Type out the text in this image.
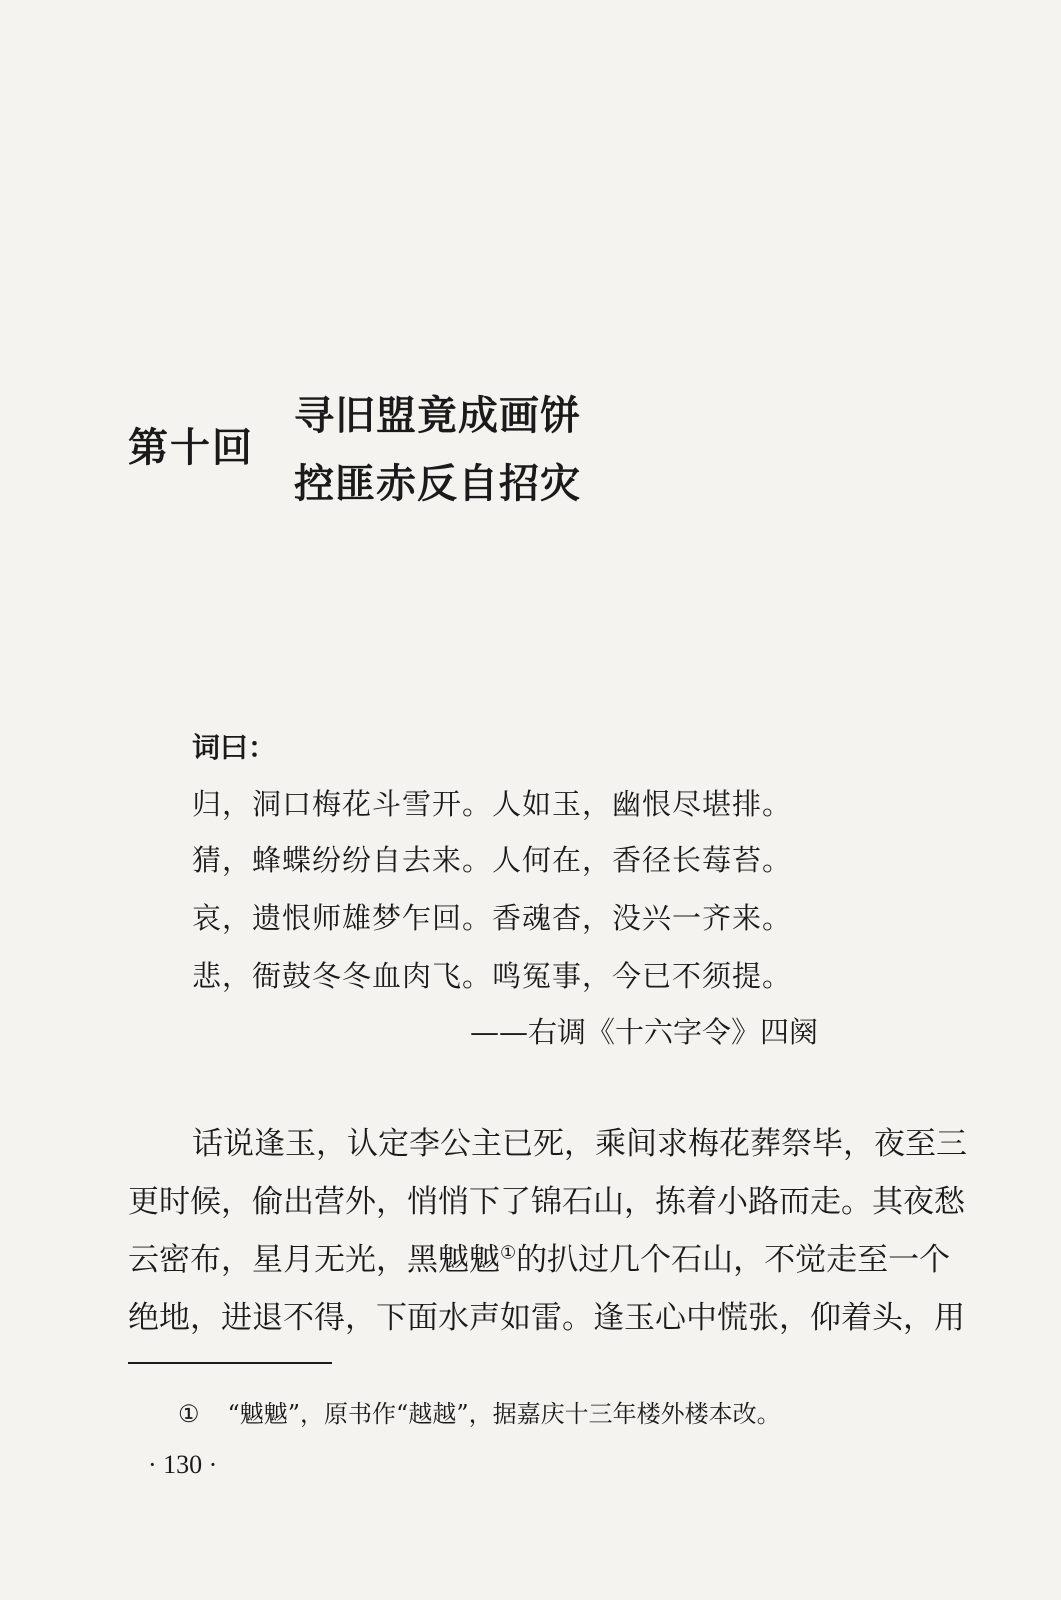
第十回
寻旧盟竟成画饼
控匪赤反自招灾
词曰：
归，洞口梅花斗雪开。人如玉，幽恨尽堪排。
猜，蜂蝶纷纷自去来。人何在，香径长莓苔。
哀，遗恨师雄梦乍回。香魂杳，没兴一齐来。
悲，衙鼓冬冬血肉飞。鸣冤事，今已不须提。
——右调《十六字令》四阕
话说逢玉，认定李公主已死，乘间求梅花葬祭毕，夜至三
更时候，偷出营外，悄悄下了锦石山，拣着小路而走。其夜愁
云密布，星月无光，黑魆魆①的扒过几个石山，不觉走至一个
绝地，进退不得，下面水声如雷。逢玉心中慌张，仰着头，用
① “魆魆”，原书作“越越”，据嘉庆十三年楼外楼本改。
· 130 ·
